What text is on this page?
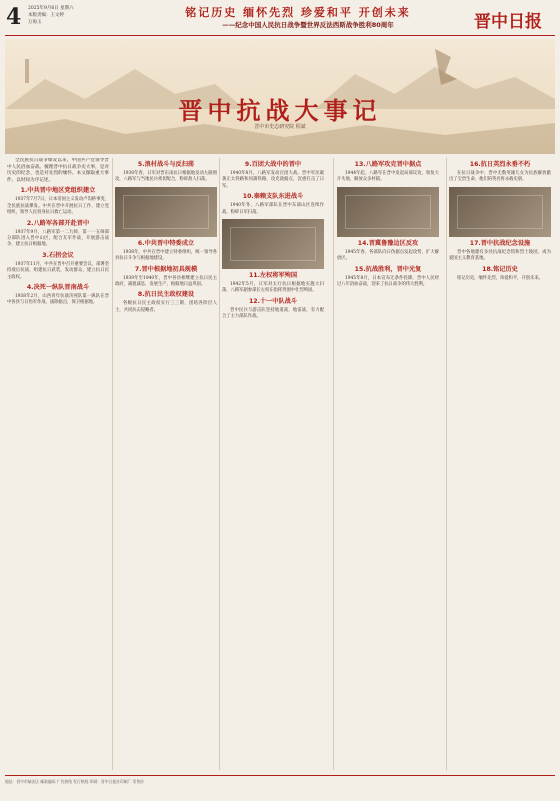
4 2025年9月6日 星期六
本版责编：王文婷
万海玉
铭记历史 缅怀先烈 珍爱和平 开创未来
——纪念中国人民抗日战争暨世界反法西斯战争胜利80周年	晋中日报
晋中抗战大事记
晋中市史志研究院 程斌
全民族抗日战争爆发以来，中国共产党领导晋中人民浴血奋战。梳理晋中抗日战争史大事，是对历史的纪念，也是对先烈的缅怀。本文撷取重大事件，以时间为序记述。
1.中共晋中地区党组织建立
1937年7月7日，日本帝国主义发动卢沟桥事变，全民族抗战爆发。中共在晋中开展抗日工作，建立党组织，领导人民投身抗日救亡运动。
2.八路军各部开赴晋中
1937年9月，八路军第一二九师、第一一五师部分部队进入晋中山区，配合友军作战，开展游击战争，建立抗日根据地。
3.石拐会议
1937年11月，中共在晋中召开重要会议，部署坚持敌后抗战，组建抗日武装，发动群众，建立抗日民主政权。
4.决死一纵队晋南战斗
1938年2月，山西青年抗敌决死队第一纵队在晋中各县与日伪军作战，拔除据点，保卫根据地。
5.浪村战斗与反扫荡
1938年春，日军对晋东南抗日根据地发动九路围攻，八路军与当地民兵密切配合，粉碎敌人扫荡。
6.中共晋中特委成立
1938年，中共在晋中建立特委组织，统一领导各县抗日斗争与根据地建设。
7.晋中根据地初具规模
1939年至1940年，晋中各县相继建立抗日民主政府，减租减息，发展生产，根据地日益巩固。
8.抗日民主政权建设
各级抗日民主政权实行三三制，团结各阶层人士，共同抗击侵略者。
9.百团大战中的晋中
1940年8月，八路军发动百团大战。晋中军民破袭正太铁路和同蒲铁路，攻克敌据点，沉重打击了日军。
10.秦赖支队东进战斗
1940年冬，八路军部队在晋中东部山区连续作战，粉碎日军扫荡。
11.左权将军殉国
1942年5月，日军对太行抗日根据地实施大扫荡，八路军副参谋长左权在指挥突围中壮烈殉国。
12.十一中队战斗
晋中民兵与游击队坚持地道战、地雷战，有力配合了主力部队作战。
13.八路军攻克晋中据点
1944年起，八路军在晋中发起局部反攻，收复大片失地，解放众多村镇。
14.晋冀鲁豫边区反攻
1945年春，各部队向日伪据点发起攻势，扩大解放区。
15.抗战胜利，晋中光复
1945年8月，日本宣布无条件投降，晋中人民经过八年浴血奋战，迎来了抗日战争的伟大胜利。
16.抗日英烈永垂不朽
在抗日战争中，晋中无数英雄儿女为民族解放献出了宝贵生命，他们的英名将永载史册。
17.晋中抗战纪念设施
晋中各地建有多处抗战纪念馆和烈士陵园，成为爱国主义教育基地。
18.铭记历史
铭记历史，缅怀先烈，珍爱和平，开创未来。
地址：晋中市榆次区 邮政编码 广告热线 发行热线 印刷：晋中日报社印刷厂 零售价
